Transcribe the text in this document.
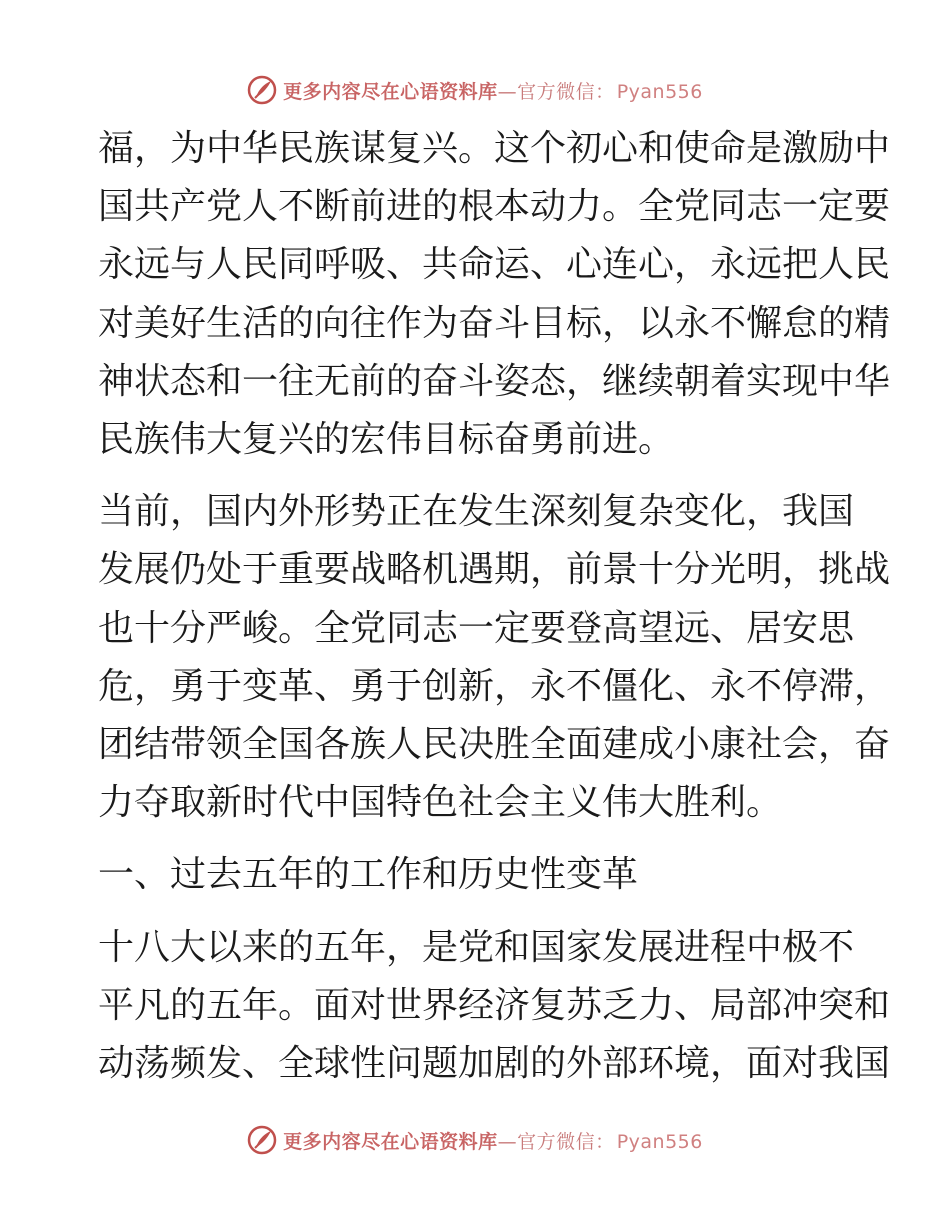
更多内容尽在心语资料库—官方微信： Pyan556

福，为中华民族谋复兴。这个初心和使命是激励中
国共产党人不断前进的根本动力。全党同志一定要
永远与人民同呼吸、共命运、心连心，永远把人民
对美好生活的向往作为奋斗目标，以永不懈怠的精
神状态和一往无前的奋斗姿态，继续朝着实现中华
民族伟大复兴的宏伟目标奋勇前进。

当前，国内外形势正在发生深刻复杂变化，我国
发展仍处于重要战略机遇期，前景十分光明，挑战
也十分严峻。全党同志一定要登高望远、居安思
危，勇于变革、勇于创新，永不僵化、永不停滞，
团结带领全国各族人民决胜全面建成小康社会，奋
力夺取新时代中国特色社会主义伟大胜利。

一、过去五年的工作和历史性变革

十八大以来的五年，是党和国家发展进程中极不
平凡的五年。面对世界经济复苏乏力、局部冲突和
动荡频发、全球性问题加剧的外部环境，面对我国

更多内容尽在心语资料库—官方微信： Pyan556
